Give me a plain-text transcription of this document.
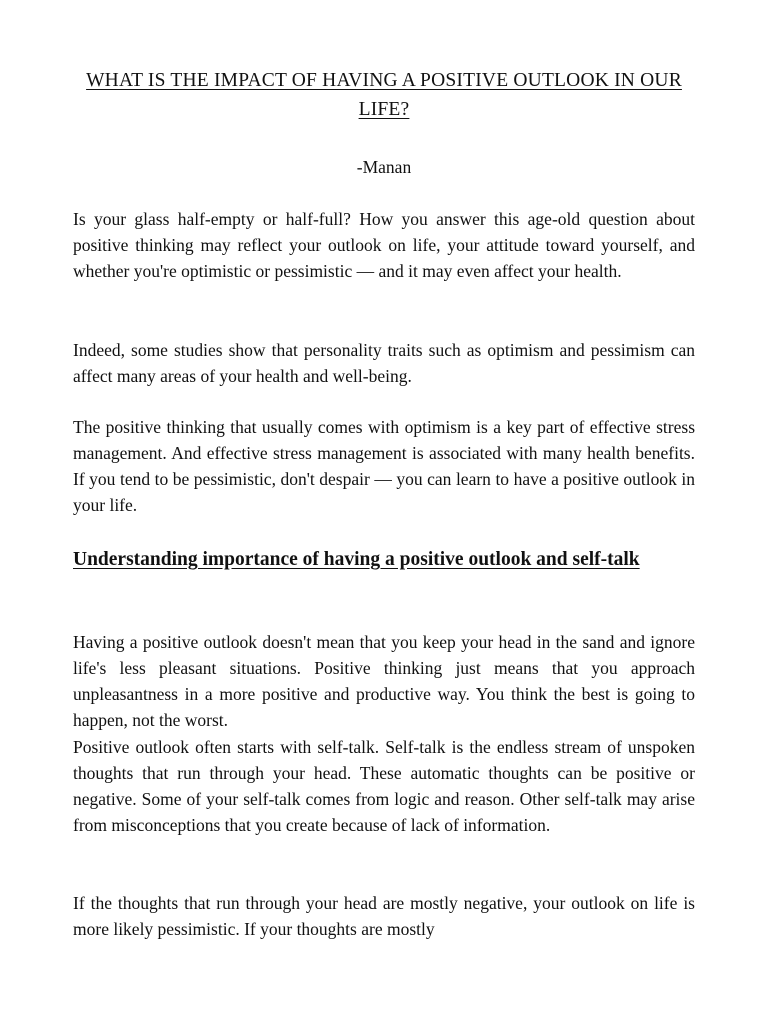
WHAT IS THE IMPACT OF HAVING A POSITIVE OUTLOOK IN OUR LIFE?

-Manan

Is your glass half-empty or half-full? How you answer this age-old question about positive thinking may reflect your outlook on life, your attitude toward yourself, and whether you're optimistic or pessimistic — and it may even affect your health.

Indeed, some studies show that personality traits such as optimism and pessimism can affect many areas of your health and well-being.

The positive thinking that usually comes with optimism is a key part of effective stress management. And effective stress management is associated with many health benefits. If you tend to be pessimistic, don't despair — you can learn to have a positive outlook in your life.

Understanding importance of having a positive outlook and self-talk

Having a positive outlook doesn't mean that you keep your head in the sand and ignore life's less pleasant situations. Positive thinking just means that you approach unpleasantness in a more positive and productive way. You think the best is going to happen, not the worst.

Positive outlook often starts with self-talk. Self-talk is the endless stream of unspoken thoughts that run through your head. These automatic thoughts can be positive or negative. Some of your self-talk comes from logic and reason. Other self-talk may arise from misconceptions that you create because of lack of information.

If the thoughts that run through your head are mostly negative, your outlook on life is more likely pessimistic. If your thoughts are mostly
